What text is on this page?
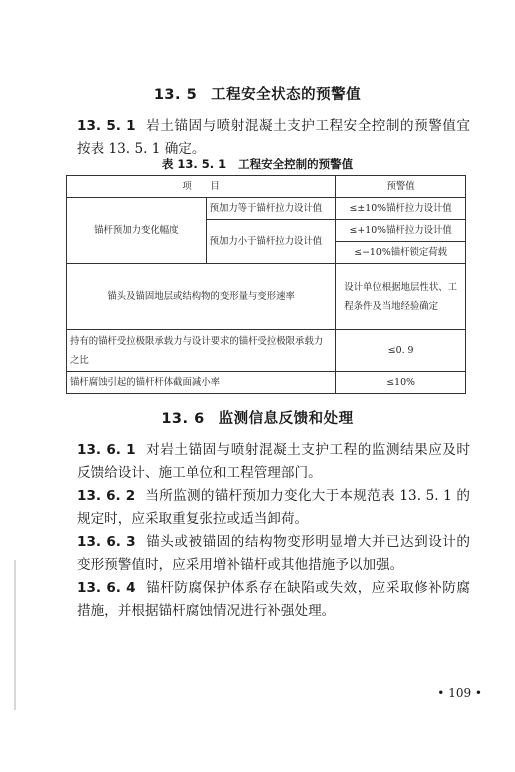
13. 5 工程安全状态的预警值
13. 5. 1 岩土锚固与喷射混凝土支护工程安全控制的预警值宜按表 13. 5. 1 确定。
表 13. 5. 1 工程安全控制的预警值
项　　目		预警值
锚杆预加力变化幅度	预加力等于锚杆拉力设计值	≤±10%锚杆拉力设计值
	预加力小于锚杆拉力设计值	≤+10%锚杆拉力设计值
		≤−10%锚杆锁定荷载
锚头及锚固地层或结构物的变形量与变形速率		设计单位根据地层性状、工程条件及当地经验确定
持有的锚杆受拉极限承载力与设计要求的锚杆受拉极限承载力之比		≤0. 9
锚杆腐蚀引起的锚杆杆体截面减小率		≤10%
13. 6 监测信息反馈和处理
13. 6. 1 对岩土锚固与喷射混凝土支护工程的监测结果应及时反馈给设计、施工单位和工程管理部门。
13. 6. 2 当所监测的锚杆预加力变化大于本规范表 13. 5. 1 的规定时，应采取重复张拉或适当卸荷。
13. 6. 3 锚头或被锚固的结构物变形明显增大并已达到设计的变形预警值时，应采用增补锚杆或其他措施予以加强。
13. 6. 4 锚杆防腐保护体系存在缺陷或失效，应采取修补防腐措施，并根据锚杆腐蚀情况进行补强处理。
• 109 •
